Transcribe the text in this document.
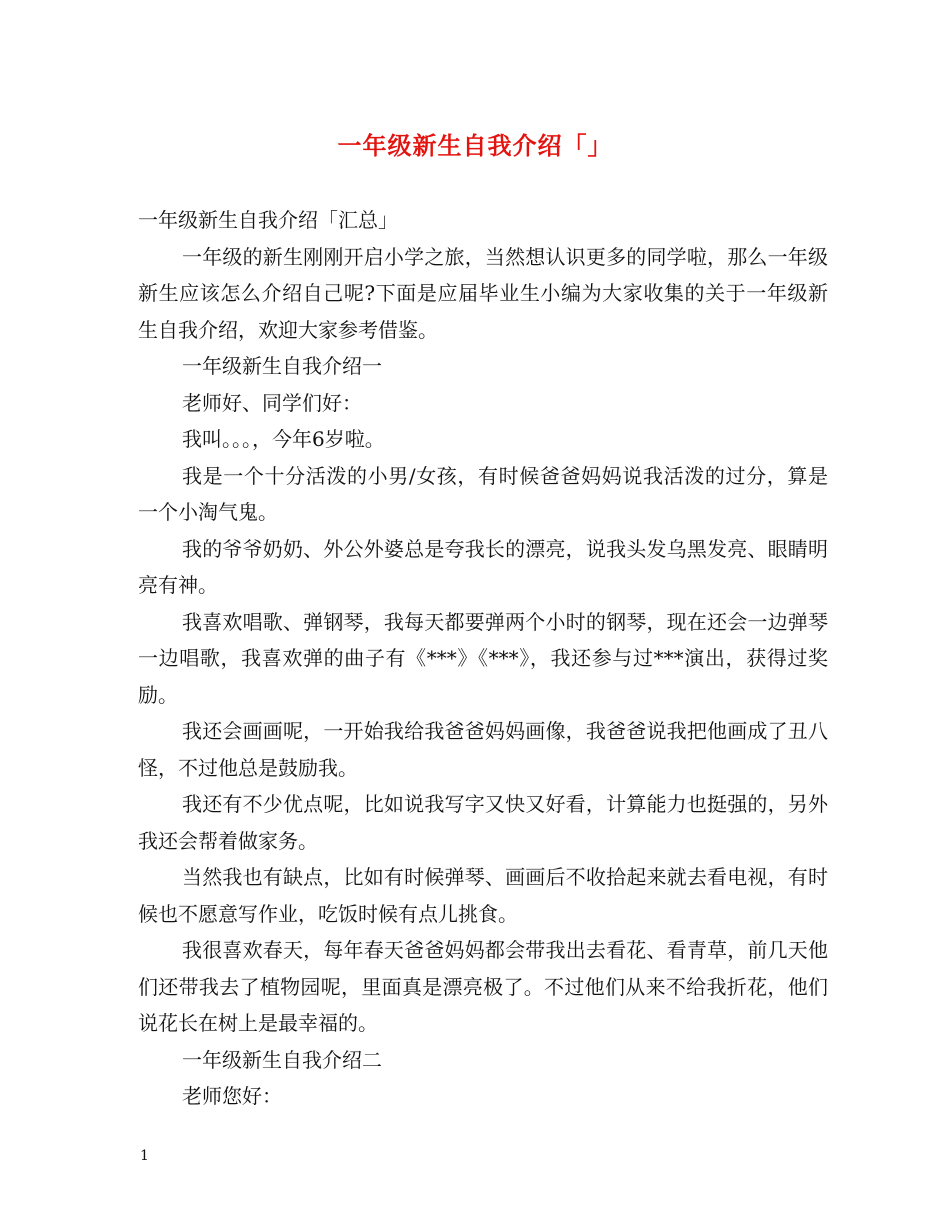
一年级新生自我介绍「」

一年级新生自我介绍「汇总」

一年级的新生刚刚开启小学之旅，当然想认识更多的同学啦，那么一年级新生应该怎么介绍自己呢?下面是应届毕业生小编为大家收集的关于一年级新生自我介绍，欢迎大家参考借鉴。

一年级新生自我介绍一

老师好、同学们好：

我叫。。。，今年6岁啦。

我是一个十分活泼的小男/女孩，有时候爸爸妈妈说我活泼的过分，算是一个小淘气鬼。

我的爷爷奶奶、外公外婆总是夸我长的漂亮，说我头发乌黑发亮、眼睛明亮有神。

我喜欢唱歌、弹钢琴，我每天都要弹两个小时的钢琴，现在还会一边弹琴一边唱歌，我喜欢弹的曲子有《***》《***》，我还参与过***演出，获得过奖励。

我还会画画呢，一开始我给我爸爸妈妈画像，我爸爸说我把他画成了丑八怪，不过他总是鼓励我。

我还有不少优点呢，比如说我写字又快又好看，计算能力也挺强的，另外我还会帮着做家务。

当然我也有缺点，比如有时候弹琴、画画后不收拾起来就去看电视，有时候也不愿意写作业，吃饭时候有点儿挑食。

我很喜欢春天，每年春天爸爸妈妈都会带我出去看花、看青草，前几天他们还带我去了植物园呢，里面真是漂亮极了。不过他们从来不给我折花，他们说花长在树上是最幸福的。

一年级新生自我介绍二

老师您好：

1
